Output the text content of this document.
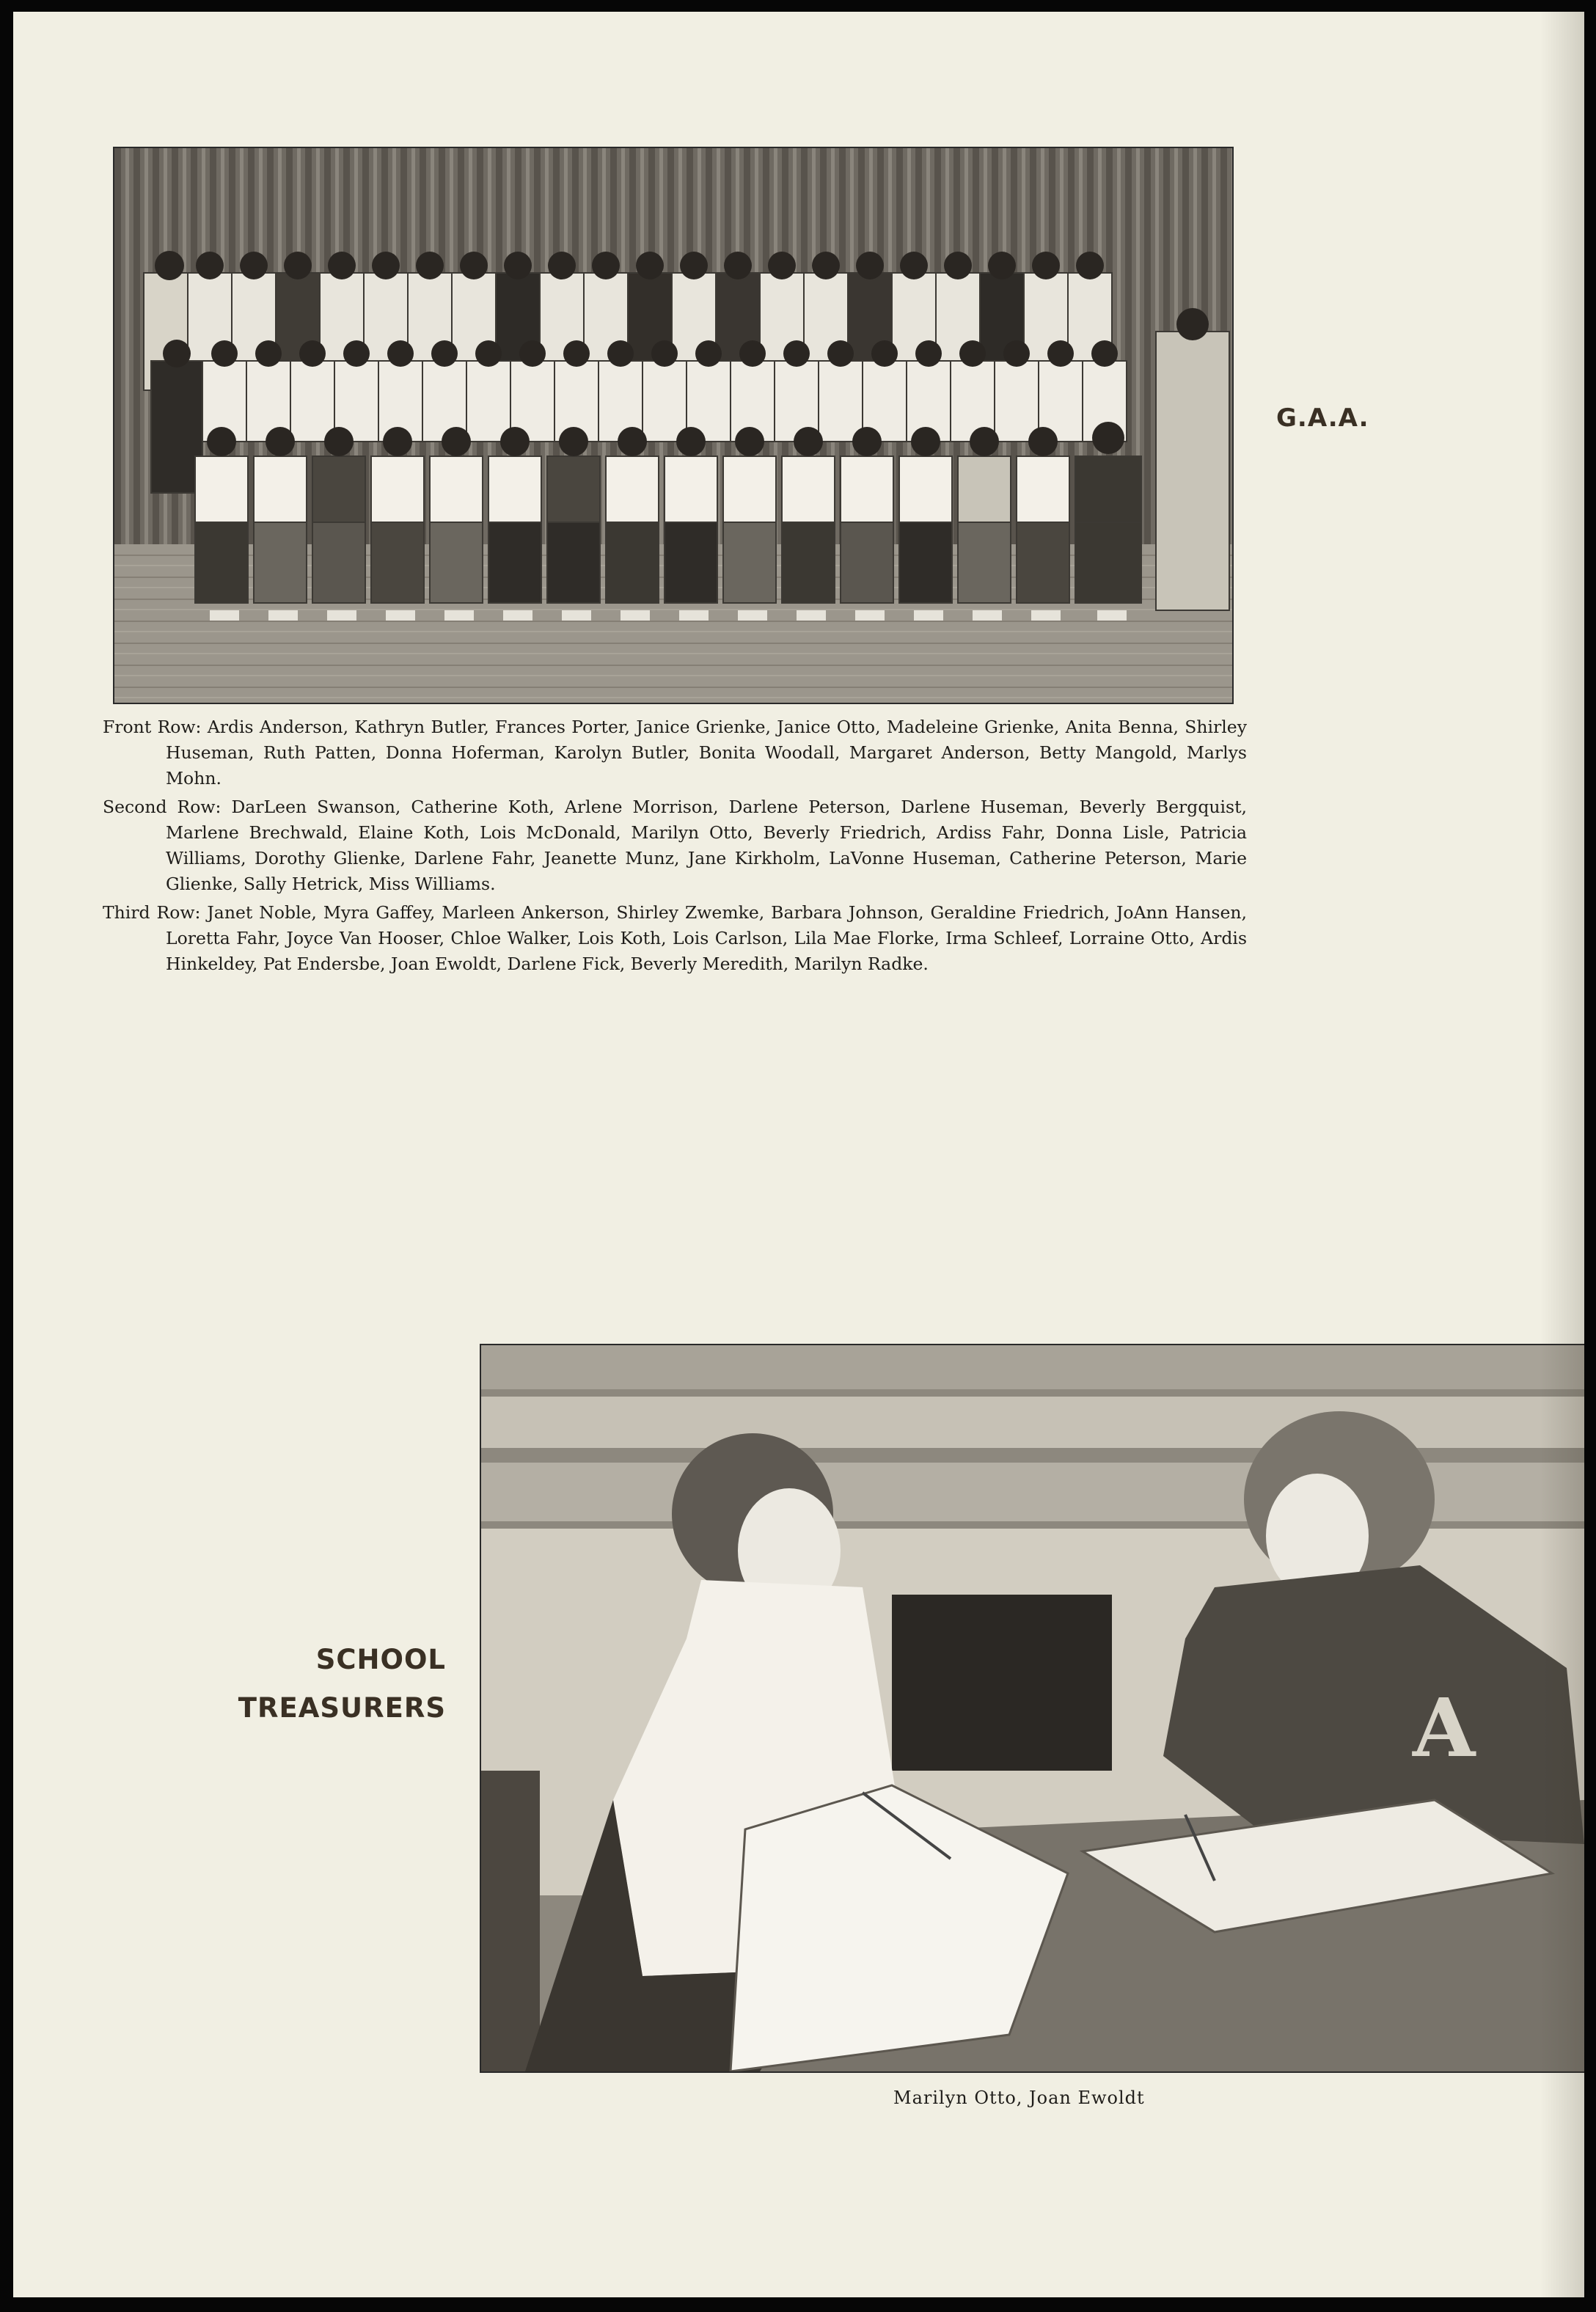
G.A.A.

Front Row: Ardis Anderson, Kathryn Butler, Frances Porter, Janice Grienke, Janice Otto, Madeleine Grienke, Anita Benna, Shirley Huseman, Ruth Patten, Donna Hoferman, Karolyn Butler, Bonita Woodall, Margaret Anderson, Betty Mangold, Marlys Mohn.

Second Row: DarLeen Swanson, Catherine Koth, Arlene Morrison, Darlene Peterson, Darlene Huseman, Beverly Bergquist, Marlene Brechwald, Elaine Koth, Lois McDonald, Marilyn Otto, Beverly Friedrich, Ardiss Fahr, Donna Lisle, Patricia Williams, Dorothy Glienke, Darlene Fahr, Jeanette Munz, Jane Kirkholm, LaVonne Huseman, Catherine Peterson, Marie Glienke, Sally Hetrick, Miss Williams.

Third Row: Janet Noble, Myra Gaffey, Marleen Ankerson, Shirley Zwemke, Barbara Johnson, Geraldine Friedrich, JoAnn Hansen, Loretta Fahr, Joyce Van Hooser, Chloe Walker, Lois Koth, Lois Carlson, Lila Mae Florke, Irma Schleef, Lorraine Otto, Ardis Hinkeldey, Pat Endersbe, Joan Ewoldt, Darlene Fick, Beverly Meredith, Marilyn Radke.

SCHOOL
TREASURERS	A

Marilyn Otto, Joan Ewoldt
